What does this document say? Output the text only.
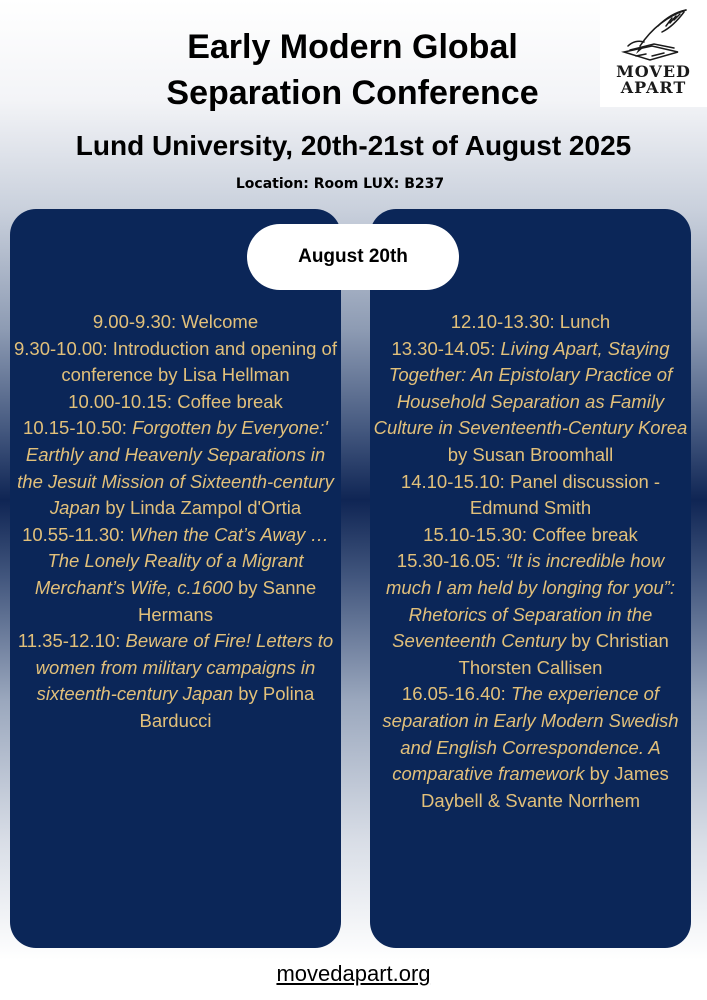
Early Modern Global Separation Conference
Lund University, 20th-21st of August 2025
Location: Room LUX: B237
MOVED
APART

9.00-9.30: Welcome

9.30-10.00: Introduction and opening of conference by Lisa Hellman

10.00-10.15: Coffee break

10.15-10.50: Forgotten by Everyone:' Earthly and Heavenly Separations in the Jesuit Mission of Sixteenth-century Japan by Linda Zampol d'Ortia

10.55-11.30: When the Cat’s Away … The Lonely Reality of a Migrant Merchant’s Wife, c.1600 by Sanne Hermans

11.35-12.10: Beware of Fire! Letters to women from military campaigns in sixteenth-century Japan by Polina Barducci

12.10-13.30: Lunch

13.30-14.05: Living Apart, Staying Together: An Epistolary Practice of Household Separation as Family Culture in Seventeenth-Century Korea by Susan Broomhall

14.10-15.10: Panel discussion - Edmund Smith

15.10-15.30: Coffee break

15.30-16.05: “It is incredible how much I am held by longing for you”: Rhetorics of Separation in the Seventeenth Century by Christian Thorsten Callisen

16.05-16.40: The experience of separation in Early Modern Swedish and English Correspondence. A comparative framework by James Daybell & Svante Norrhem

August 20th
movedapart.org
